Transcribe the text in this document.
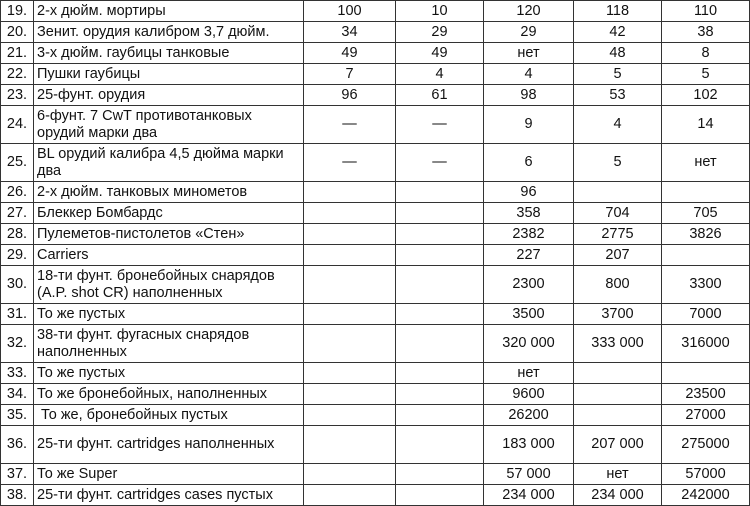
19.	2-х дюйм. мортиры	100	10	120	118	110
20.	Зенит. орудия калибром 3,7 дюйм.	34	29	29	42	38
21.	3-х дюйм. гаубицы танковые	49	49	нет	48	8
22.	Пушки гаубицы	7	4	4	5	5
23.	25-фунт. орудия	96	61	98	53	102
24.	6-фунт. 7 CwT противотанковых орудий марки два	—	—	9	4	14
25.	BL орудий калибра 4,5 дюйма марки два	—	—	6	5	нет
26.	2-х дюйм. танковых минометов			96		
27.	Блеккер Бомбардс			358	704	705
28.	Пулеметов-пистолетов «Стен»			2382	2775	3826
29.	Carriers			227	207	
30.	18-ти фунт. бронебойных снарядов (A.P. shot CR) наполненных			2300	800	3300
31.	То же пустых			3500	3700	7000
32.	38-ти фунт. фугасных снарядов наполненных			320 000	333 000	316000
33.	То же пустых			нет		
34.	То же бронебойных, наполненных			9600		23500
35.	То же, бронебойных пустых			26200		27000
36.	25-ти фунт. cartridges наполненных			183 000	207 000	275000
37.	То же Super			57 000	нет	57000
38.	25-ти фунт. cartridges cases пустых			234 000	234 000	242000
